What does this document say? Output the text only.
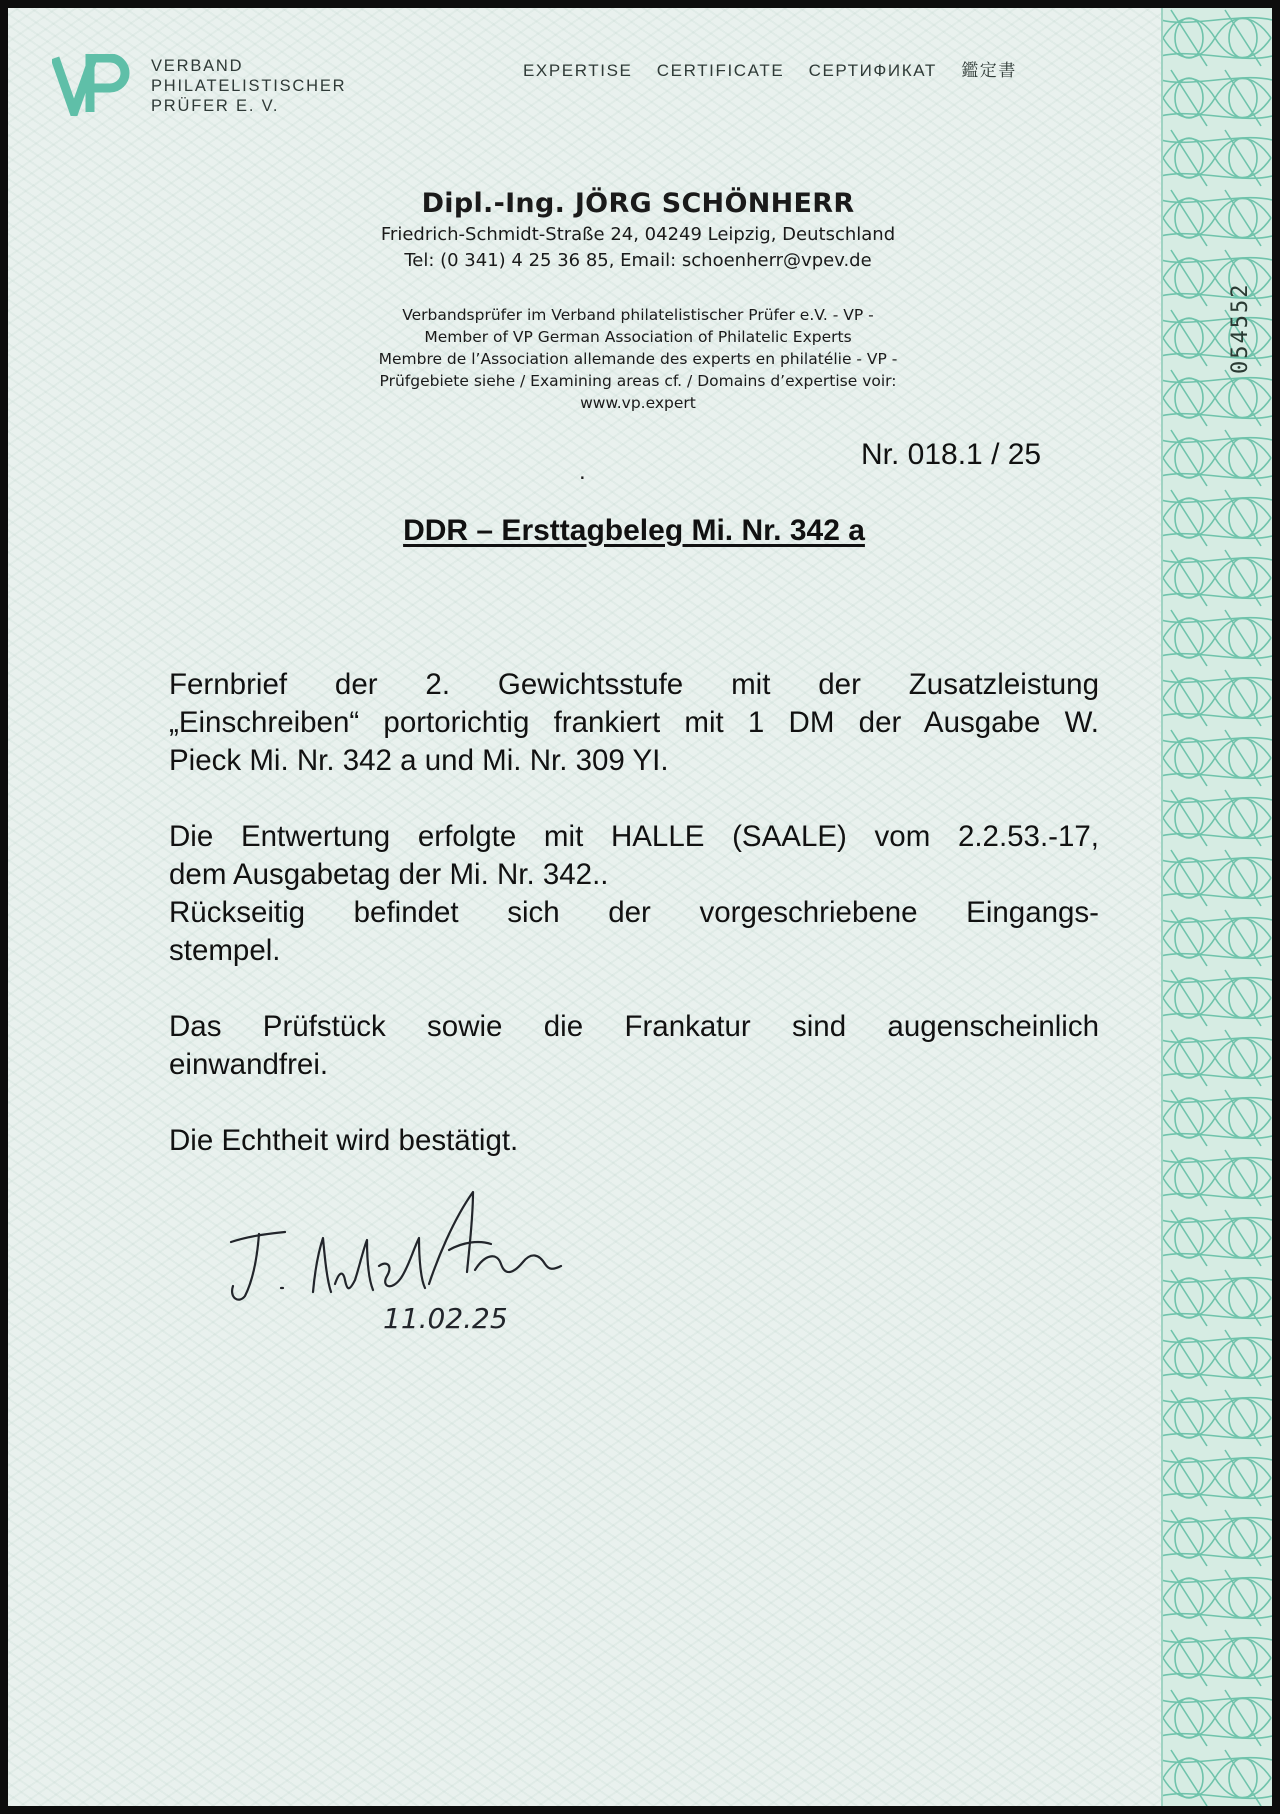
VERBAND
PHILATELISTISCHER
PRÜFER E. V.
EXPERTISE CERTIFICATE СЕРТИФИКАТ 鑑定書
Dipl.-Ing. JÖRG SCHÖNHERR
Friedrich-Schmidt-Straße 24, 04249 Leipzig, Deutschland
Tel: (0 341) 4 25 36 85, Email: schoenherr@vpev.de
Verbandsprüfer im Verband philatelistischer Prüfer e.V. - VP -
Member of VP German Association of Philatelic Experts
Membre de l’Association allemande des experts en philatélie - VP -
Prüfgebiete siehe / Examining areas cf. / Domains d’expertise voir:
www.vp.expert
.
Nr. 018.1 / 25
DDR – Ersttagbeleg Mi. Nr. 342 a
Fernbrief der 2. Gewichtsstufe mit der Zusatzleistung
„Einschreiben“ portorichtig frankiert mit 1 DM der Ausgabe W.
Pieck Mi. Nr. 342 a und Mi. Nr. 309 YI.
Die Entwertung erfolgte mit HALLE (SAALE) vom 2.2.53.-17,
dem Ausgabetag der Mi. Nr. 342..
Rückseitig befindet sich der vorgeschriebene Eingangs-
stempel.
Das Prüfstück sowie die Frankatur sind augenscheinlich
einwandfrei.
Die Echtheit wird bestätigt.
11.02.25
054552
